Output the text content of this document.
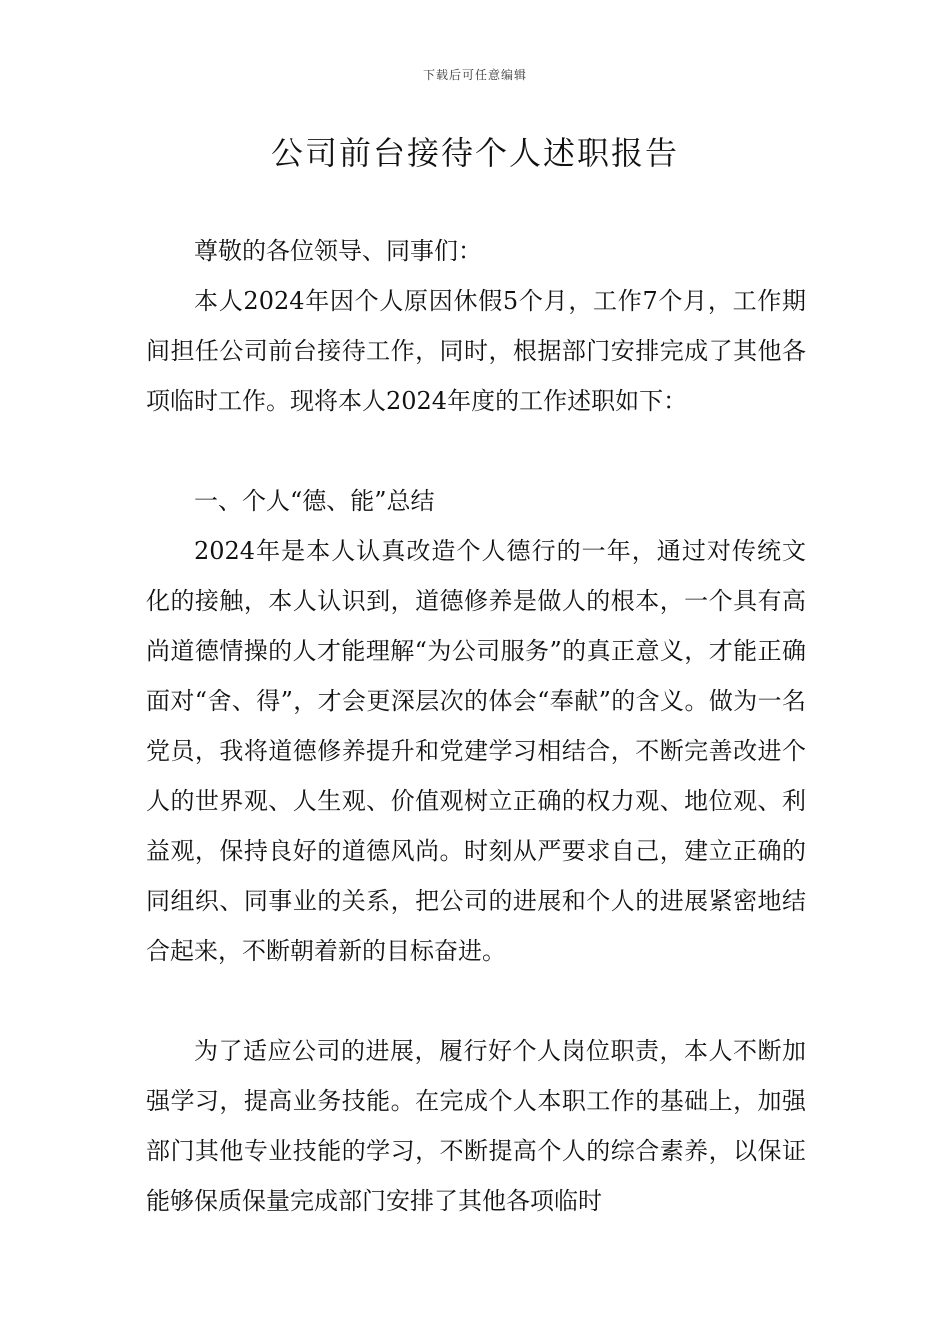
下载后可任意编辑
公司前台接待个人述职报告
尊敬的各位领导、同事们：
本人2024年因个人原因休假5个月，工作7个月，工作期间担任公司前台接待工作，同时，根据部门安排完成了其他各项临时工作。现将本人2024年度的工作述职如下：
一、个人“德、能”总结
2024年是本人认真改造个人德行的一年，通过对传统文化的接触，本人认识到，道德修养是做人的根本，一个具有高尚道德情操的人才能理解“为公司服务”的真正意义，才能正确面对“舍、得”，才会更深层次的体会“奉献”的含义。做为一名党员，我将道德修养提升和党建学习相结合，不断完善改进个人的世界观、人生观、价值观树立正确的权力观、地位观、利益观，保持良好的道德风尚。时刻从严要求自己，建立正确的同组织、同事业的关系，把公司的进展和个人的进展紧密地结合起来，不断朝着新的目标奋进。
为了适应公司的进展，履行好个人岗位职责，本人不断加强学习，提高业务技能。在完成个人本职工作的基础上，加强部门其他专业技能的学习，不断提高个人的综合素养，以保证能够保质保量完成部门安排了其他各项临时
